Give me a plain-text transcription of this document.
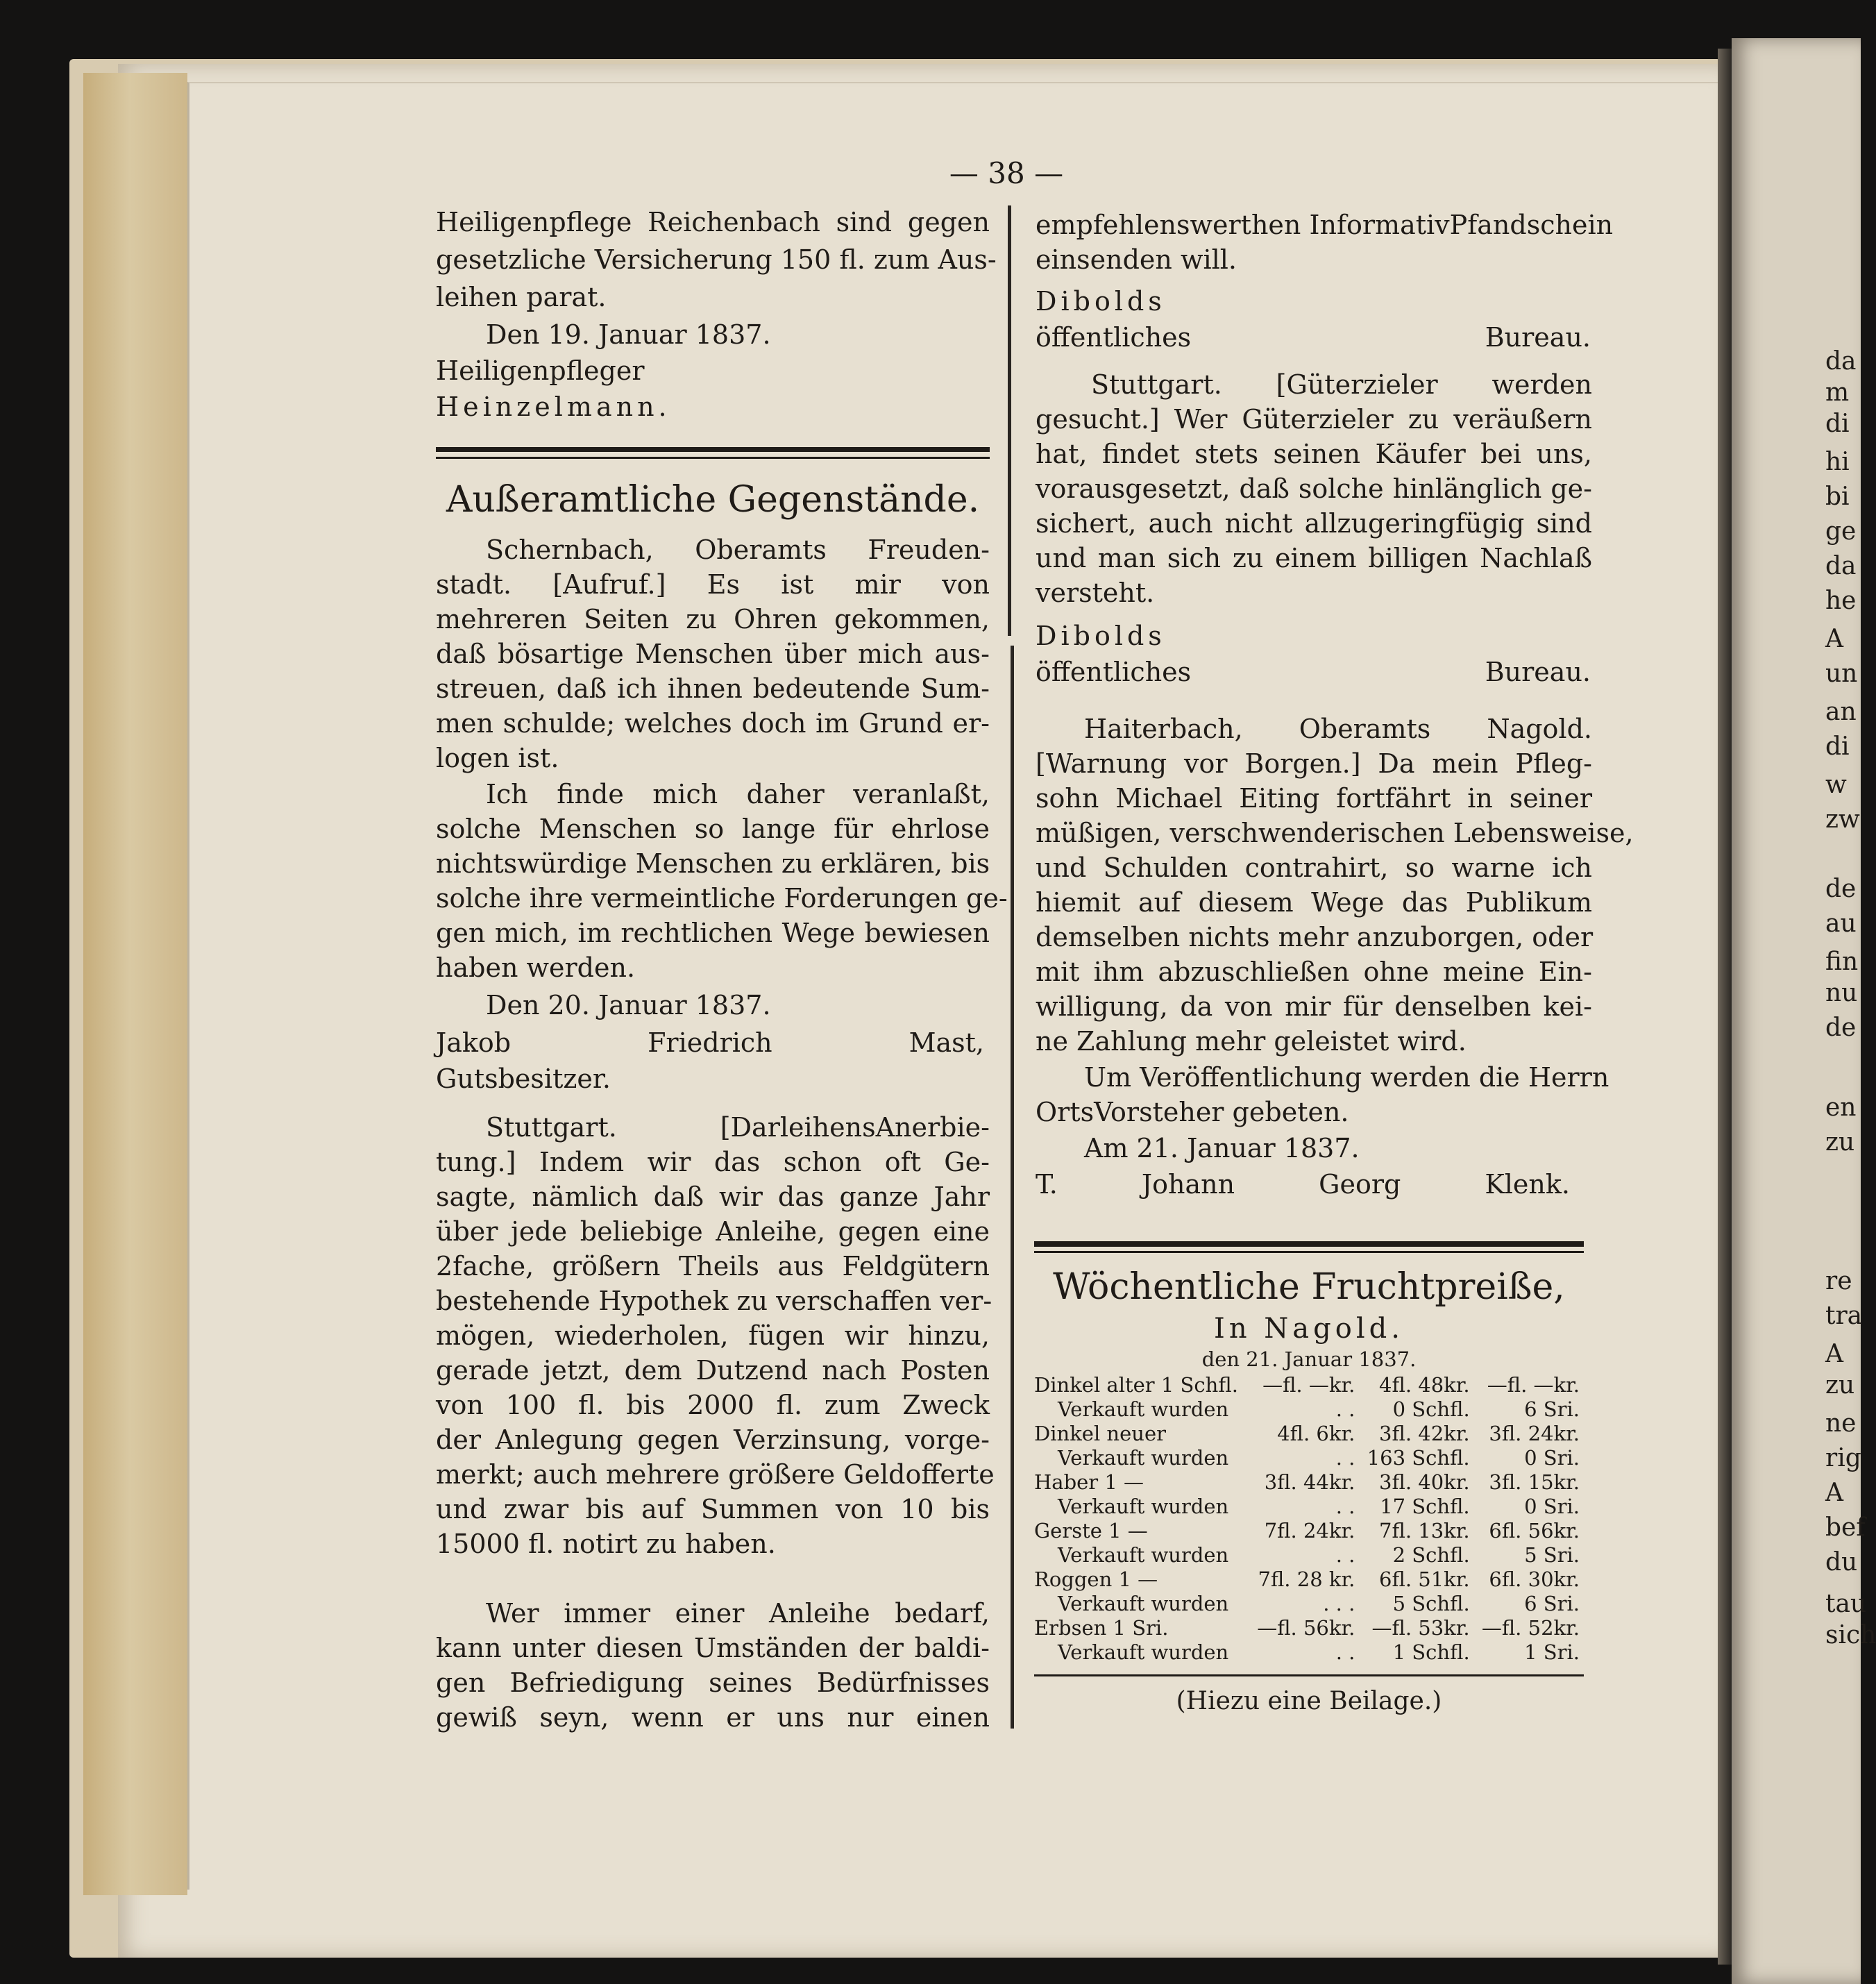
— 38 —
Heiligenpflege Reichenbach sind gegen
gesetzliche Versicherung 150 fl. zum Aus-
leihen parat.
Den 19. Januar 1837.
Heiligenpfleger
Heinzelmann.
Außeramtliche Gegenstände.
Schernbach, Oberamts Freuden-
stadt. [Aufruf.] Es ist mir von
mehreren Seiten zu Ohren gekommen,
daß bösartige Menschen über mich aus-
streuen, daß ich ihnen bedeutende Sum-
men schulde; welches doch im Grund er-
logen ist.
Ich finde mich daher veranlaßt,
solche Menschen so lange für ehrlose
nichtswürdige Menschen zu erklären, bis
solche ihre vermeintliche Forderungen ge-
gen mich, im rechtlichen Wege bewiesen
haben werden.
Den 20. Januar 1837.
Jakob Friedrich Mast,
Gutsbesitzer.
Stuttgart. [DarleihensAnerbie-
tung.] Indem wir das schon oft Ge-
sagte, nämlich daß wir das ganze Jahr
über jede beliebige Anleihe, gegen eine
2fache, größern Theils aus Feldgütern
bestehende Hypothek zu verschaffen ver-
mögen, wiederholen, fügen wir hinzu,
gerade jetzt, dem Dutzend nach Posten
von 100 fl. bis 2000 fl. zum Zweck
der Anlegung gegen Verzinsung, vorge-
merkt; auch mehrere größere Geldofferte
und zwar bis auf Summen von 10 bis
15000 fl. notirt zu haben.
Wer immer einer Anleihe bedarf,
kann unter diesen Umständen der baldi-
gen Befriedigung seines Bedürfnisses
gewiß seyn, wenn er uns nur einen
empfehlenswerthen InformativPfandschein
einsenden will.
Dibolds
öffentliches Bureau.
Stuttgart. [Güterzieler werden
gesucht.] Wer Güterzieler zu veräußern
hat, findet stets seinen Käufer bei uns,
vorausgesetzt, daß solche hinlänglich ge-
sichert, auch nicht allzugeringfügig sind
und man sich zu einem billigen Nachlaß
versteht.
Dibolds
öffentliches Bureau.
Haiterbach, Oberamts Nagold.
[Warnung vor Borgen.] Da mein Pfleg-
sohn Michael Eiting fortfährt in seiner
müßigen, verschwenderischen Lebensweise,
und Schulden contrahirt, so warne ich
hiemit auf diesem Wege das Publikum
demselben nichts mehr anzuborgen, oder
mit ihm abzuschließen ohne meine Ein-
willigung, da von mir für denselben kei-
ne Zahlung mehr geleistet wird.
Um Veröffentlichung werden die Herrn
OrtsVorsteher gebeten.
Am 21. Januar 1837.
T. Johann Georg Klenk.
Wöchentliche Fruchtpreiße,
In Nagold.
den 21. Januar 1837.
Dinkel alter 1 Schfl.	—fl. —kr.	4fl. 48kr.	—fl. —kr.
Verkauft wurden	. .	0 Schfl.	6 Sri.
Dinkel neuer	4fl. 6kr.	3fl. 42kr.	3fl. 24kr.
Verkauft wurden	. .	163 Schfl.	0 Sri.
Haber 1 —	3fl. 44kr.	3fl. 40kr.	3fl. 15kr.
Verkauft wurden	. .	17 Schfl.	0 Sri.
Gerste 1 —	7fl. 24kr.	7fl. 13kr.	6fl. 56kr.
Verkauft wurden	. .	2 Schfl.	5 Sri.
Roggen 1 —	7fl. 28 kr.	6fl. 51kr.	6fl. 30kr.
Verkauft wurden	. . .	5 Schfl.	6 Sri.
Erbsen 1 Sri.	—fl. 56kr.	—fl. 53kr.	—fl. 52kr.
Verkauft wurden	. .	1 Schfl.	1 Sri.
(Hiezu eine Beilage.)
da
m
di
hi
bi
ge
da
he
A
un
an
di
w
zw
de
au
fin
nu
de
en
zu
re
tra
A
zu
ne
rig
A
bef
du
tau
sich
